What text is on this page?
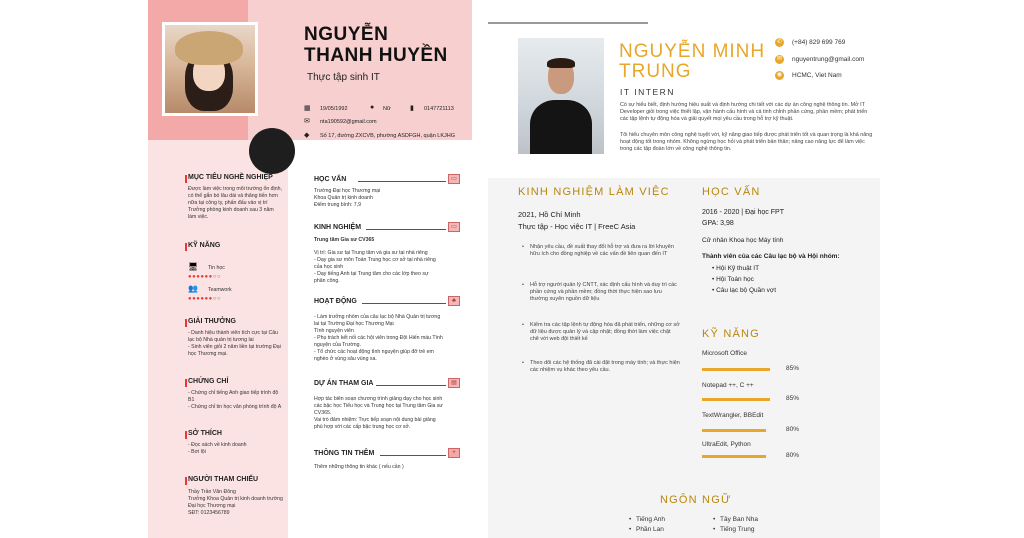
NGUYỄN
THANH HUYỀN
Thực tập sinh IT
▦ 19/05/1992	● Nữ	▮ 0147721113
✉ nta190592@gmail.com
◆ Số 17, đường ZXCVB, phường ASDFGH, quận LKJHG
MỤC TIÊU NGHỀ NGHIỆP
Được làm việc trong môi trường ổn định,
có thể gắn bó lâu dài và thăng tiến hơn
nữa tại công ty, phấn đấu vào vị trí
Trưởng phòng kinh doanh sau 3 năm
làm việc.
KỸ NĂNG
🖥 Tin học
●●●●●●○○
👥 Teamwork
●●●●●●○○
GIẢI THƯỞNG
- Danh hiệu thành viên tích cực tại Câu
lạc bộ Nhà quản trị tương lai
- Sinh viên giỏi 2 năm liền tại trường Đại
học Thương mại.
CHỨNG CHỈ
- Chứng chỉ tiếng Anh giao tiếp trình độ
B1
- Chứng chỉ tin học văn phòng trình độ A
SỞ THÍCH
- Đọc sách về kinh doanh
- Bơi lội
NGƯỜI THAM CHIẾU
Thầy Trần Văn Đông
Trưởng Khoa Quản trị kinh doanh trường
Đại học Thương mại
SĐT: 0123456789
HỌC VẤN	▭
Trường Đại học Thương mại
Khoa Quản trị kinh doanh
Điểm trung bình: 7,9
KINH NGHIỆM	▭
Trung tâm Gia sư CV365
Vị trí: Gia sư tại Trung tâm và gia sư tại nhà riêng
- Dạy gia sư môn Toán Trung học cơ sở tại nhà riêng
của học sinh
- Dạy tiếng Anh tại Trung tâm cho các lớp theo sự
phân công.
HOẠT ĐỘNG	♣
- Làm trưởng nhóm của câu lạc bộ Nhà Quản trị tương
lai tại Trường Đại học Thương Mại
Tình nguyện viên
- Phụ trách kết nối các hội viên trong Đội Hiến máu Tình
nguyện của Trường.
- Tổ chức các hoạt động tình nguyện giúp đỡ trẻ em
nghèo ở vùng sâu vùng xa.
DỰ ÁN THAM GIA	▤
Hợp tác biên soạn chương trình giảng dạy cho học sinh
các bậc học Tiểu học và Trung học tại Trung tâm Gia sư
CV365.
Vai trò đảm nhiệm: Trực tiếp soạn nội dung bài giảng
phù hợp với các cấp bậc trung học cơ sở.
THÔNG TIN THÊM	+
Thêm những thông tin khác ( nếu cần )
NGUYỄN MINH
TRUNG
IT INTERN
✆	(+84) 829 699 769
✉	nguyentrung@gmail.com
◉ HCMC, Viet Nam
Có sự hiểu biết, định hướng hiệu suất và định hướng chi tiết với các dự án công nghệ thông tin. Mở IT Developer giỏi trong việc thiết lập, vận hành cấu hình và cả tinh chỉnh phần cứng, phần mềm; phát triển các tập lệnh tự động hóa và giải quyết mọi yêu cầu trong hỗ trợ kỹ thuật.
Tôi hiểu chuyên môn công nghệ tuyệt vời, kỹ năng giao tiếp được phát triển tốt và quan trọng là khả năng hoạt động tốt trong nhóm. Không ngừng học hỏi và phát triển bản thân; nâng cao năng lực để làm việc trong các tập đoàn lớn về công nghệ thông tin.
KINH NGHIỆM LÀM VIỆC
2021, Hồ Chí Minh
Thực tập - Học việc IT | FreeC Asia
• Nhận yêu cầu, đề xuất thay đổi hỗ trợ và đưa ra lời khuyên hữu ích cho đồng nghiệp về các vấn đề liên quan đến IT
• Hỗ trợ người quản lý CNTT, xác định cấu hình và duy trì các phần cứng và phần mềm; đồng thời thực hiện sao lưu thường xuyên nguồn dữ liệu
• Kiểm tra các tập lệnh tự động hóa đã phát triển, những cơ sở dữ liệu được quản lý và cập nhật; đồng thời làm việc chặt chẽ với web đội thiết kế
• Theo dõi các hệ thống đã cài đặt trong máy tính; và thực hiện các nhiệm vụ khác theo yêu cầu.
HỌC VẤN
2016 - 2020 | Đại học FPT
GPA: 3,98
Cử nhân Khoa học Máy tính
Thành viên của các Câu lạc bộ và Hội nhóm:
• Hội Kỹ thuật IT
• Hội Toán học
• Câu lạc bộ Quần vợt
KỸ NĂNG
Microsoft Office
85%
Notepad ++, C ++
85%
TextWrangler, BBEdit
80%
UltraEdit, Python
80%
NGÔN NGỮ
• Tiếng Anh	• Tây Ban Nha
• Phần Lan	• Tiếng Trung
